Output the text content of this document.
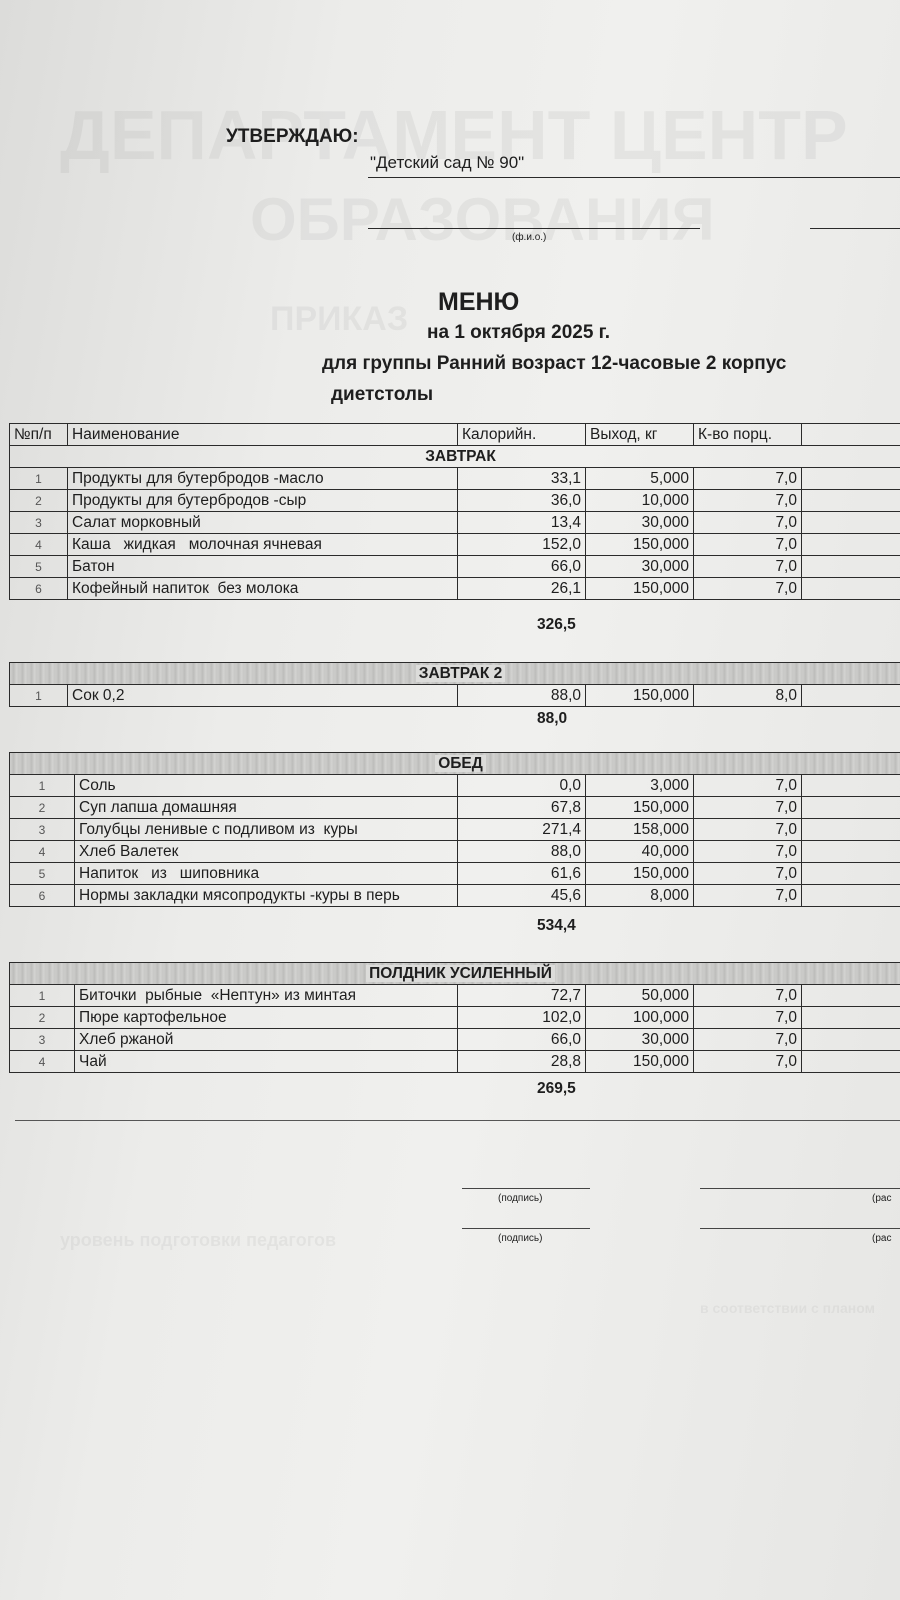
УТВЕРЖДАЮ:
"Детский сад № 90"
(ф.и.о.)
МЕНЮ
на 1 октября 2025 г.
для группы Ранний возраст 12-часовые 2 корпус
диетстолы
№п/п	Наименование	Калорийн.	Выход, кг	К-во порц.	
ЗАВТРАК					
1	Продукты для бутербродов -масло	33,1	5,000	7,0	
2	Продукты для бутербродов -сыр	36,0	10,000	7,0	
3	Салат морковный	13,4	30,000	7,0	
4	Каша   жидкая   молочная ячневая	152,0	150,000	7,0	
5	Батон	66,0	30,000	7,0	
6	Кофейный напиток  без молока	26,1	150,000	7,0	
326,5
ЗАВТРАК 2
1	Сок 0,2	88,0	150,000	8,0	
88,0
ОБЕД					
1	Соль	0,0	3,000	7,0	
2	Суп лапша домашняя	67,8	150,000	7,0	
3	Голубцы ленивые с подливом из  куры	271,4	158,000	7,0	
4	Хлеб Валетек	88,0	40,000	7,0	
5	Напиток   из   шиповника	61,6	150,000	7,0	
6	Нормы закладки мясопродукты -куры в перь	45,6	8,000	7,0	
534,4
ПОЛДНИК УСИЛЕННЫЙ					
1	Биточки  рыбные  «Нептун» из минтая	72,7	50,000	7,0	
2	Пюре картофельное	102,0	100,000	7,0	
3	Хлеб ржаной	66,0	30,000	7,0	
4	Чай	28,8	150,000	7,0	
269,5
(подпись)	(рас
(подпись)	(рас
